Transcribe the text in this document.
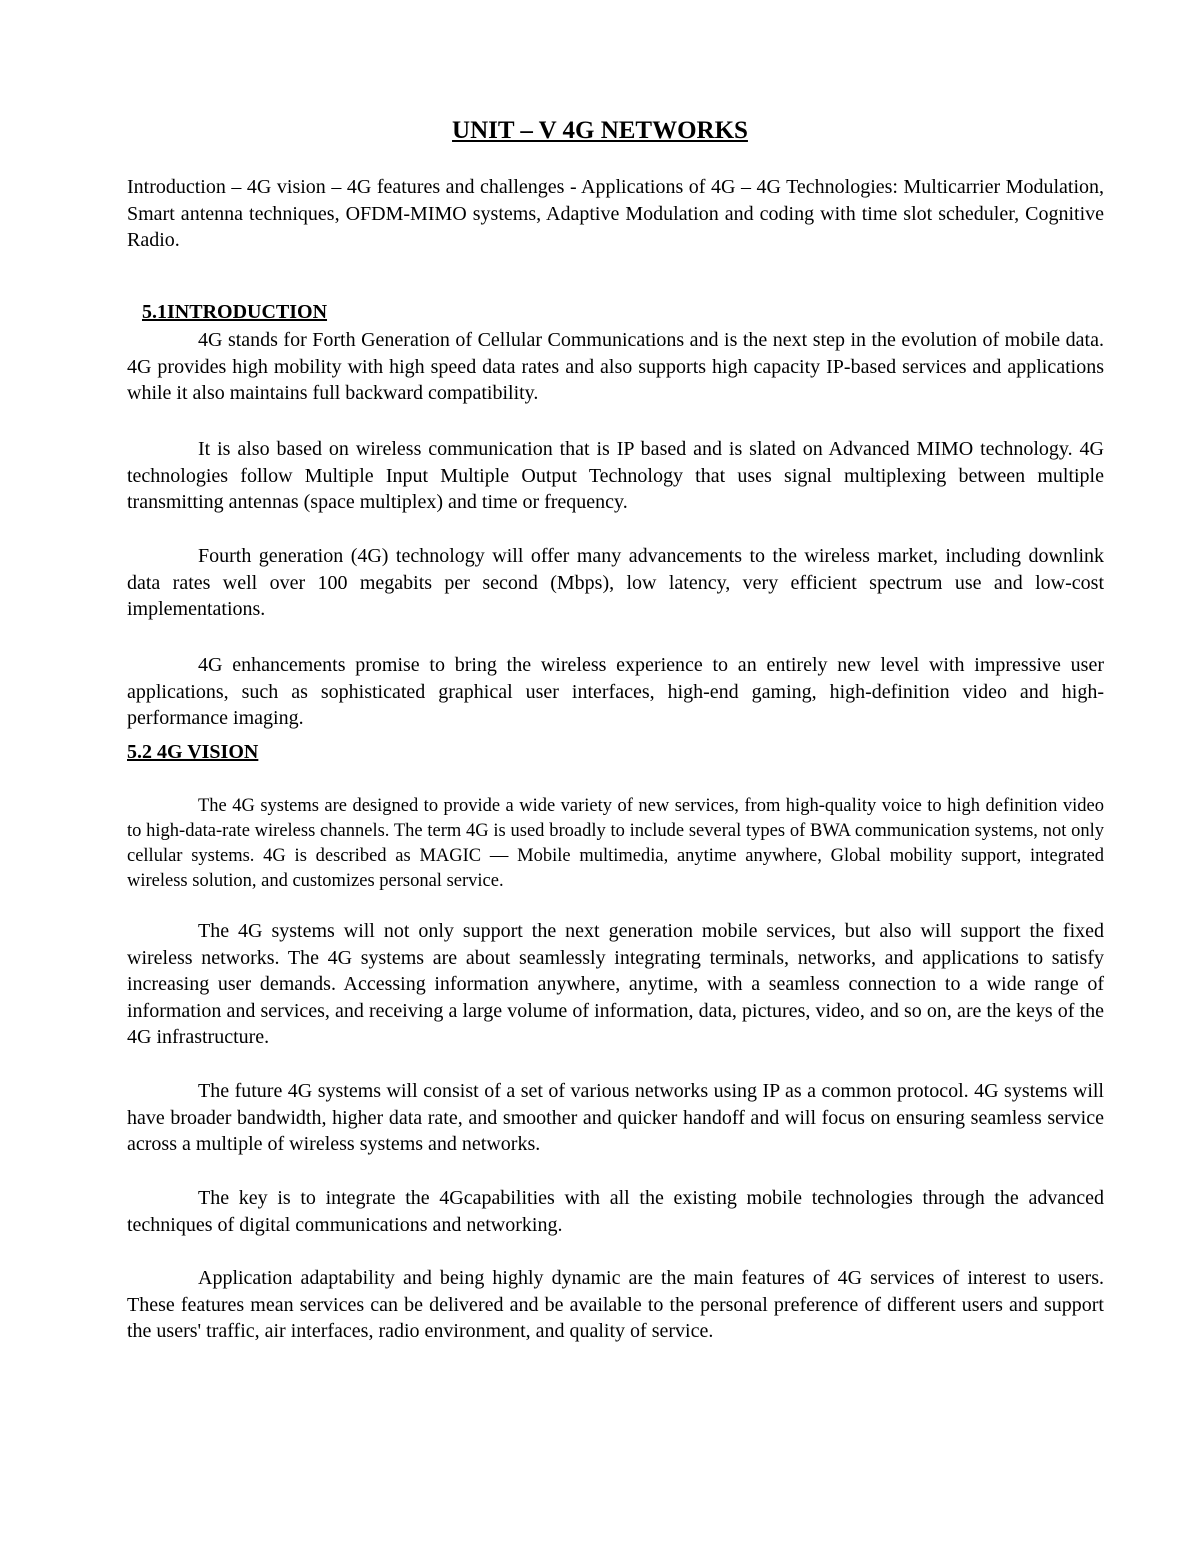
UNIT – V 4G NETWORKS

Introduction – 4G vision – 4G features and challenges - Applications of 4G – 4G Technologies: Multicarrier Modulation, Smart antenna techniques, OFDM-MIMO systems, Adaptive Modulation and coding with time slot scheduler, Cognitive Radio.

5.1INTRODUCTION

4G stands for Forth Generation of Cellular Communications and is the next step in the evolution of mobile data. 4G provides high mobility with high speed data rates and also supports high capacity IP-based services and applications while it also maintains full backward compatibility.

It is also based on wireless communication that is IP based and is slated on Advanced MIMO technology. 4G technologies follow Multiple Input Multiple Output Technology that uses signal multiplexing between multiple transmitting antennas (space multiplex) and time or frequency.

Fourth generation (4G) technology will offer many advancements to the wireless market, including downlink data rates well over 100 megabits per second (Mbps), low latency, very efficient spectrum use and low-cost implementations.

4G enhancements promise to bring the wireless experience to an entirely new level with impressive user applications, such as sophisticated graphical user interfaces, high-end gaming, high-definition video and high-performance imaging.

5.2 4G VISION

The 4G systems are designed to provide a wide variety of new services, from high-quality voice to high definition video to high-data-rate wireless channels. The term 4G is used broadly to include several types of BWA communication systems, not only cellular systems. 4G is described as MAGIC — Mobile multimedia, anytime anywhere, Global mobility support, integrated wireless solution, and customizes personal service.

The 4G systems will not only support the next generation mobile services, but also will support the fixed wireless networks. The 4G systems are about seamlessly integrating terminals, networks, and applications to satisfy increasing user demands. Accessing information anywhere, anytime, with a seamless connection to a wide range of information and services, and receiving a large volume of information, data, pictures, video, and so on, are the keys of the 4G infrastructure.

The future 4G systems will consist of a set of various networks using IP as a common protocol. 4G systems will have broader bandwidth, higher data rate, and smoother and quicker handoff and will focus on ensuring seamless service across a multiple of wireless systems and networks.

The key is to integrate the 4Gcapabilities with all the existing mobile technologies through the advanced techniques of digital communications and networking.

Application adaptability and being highly dynamic are the main features of 4G services of interest to users. These features mean services can be delivered and be available to the personal preference of different users and support the users' traffic, air interfaces, radio environment, and quality of service.
